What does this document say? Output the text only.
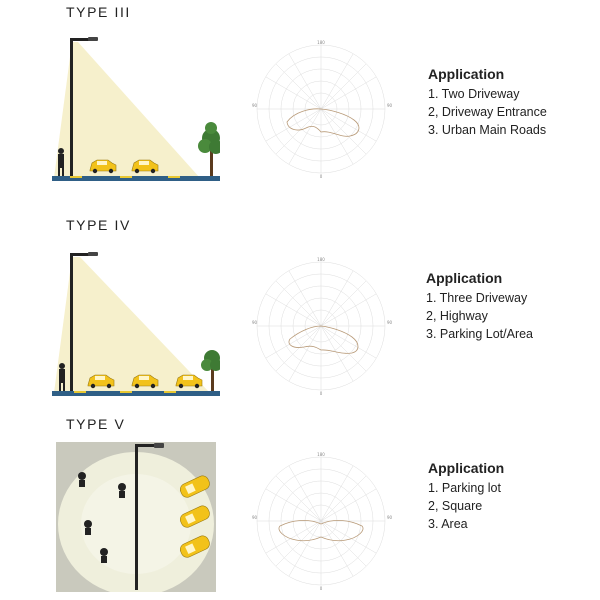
TYPE III
180
90	90
0
Application
1. Two Driveway
2, Driveway Entrance
3. Urban Main Roads
TYPE IV
180
90	90
0
Application
1. Three Driveway
2, Highway
3. Parking Lot/Area
TYPE V
180
90	90
0
Application
1. Parking lot
2, Square
3. Area
